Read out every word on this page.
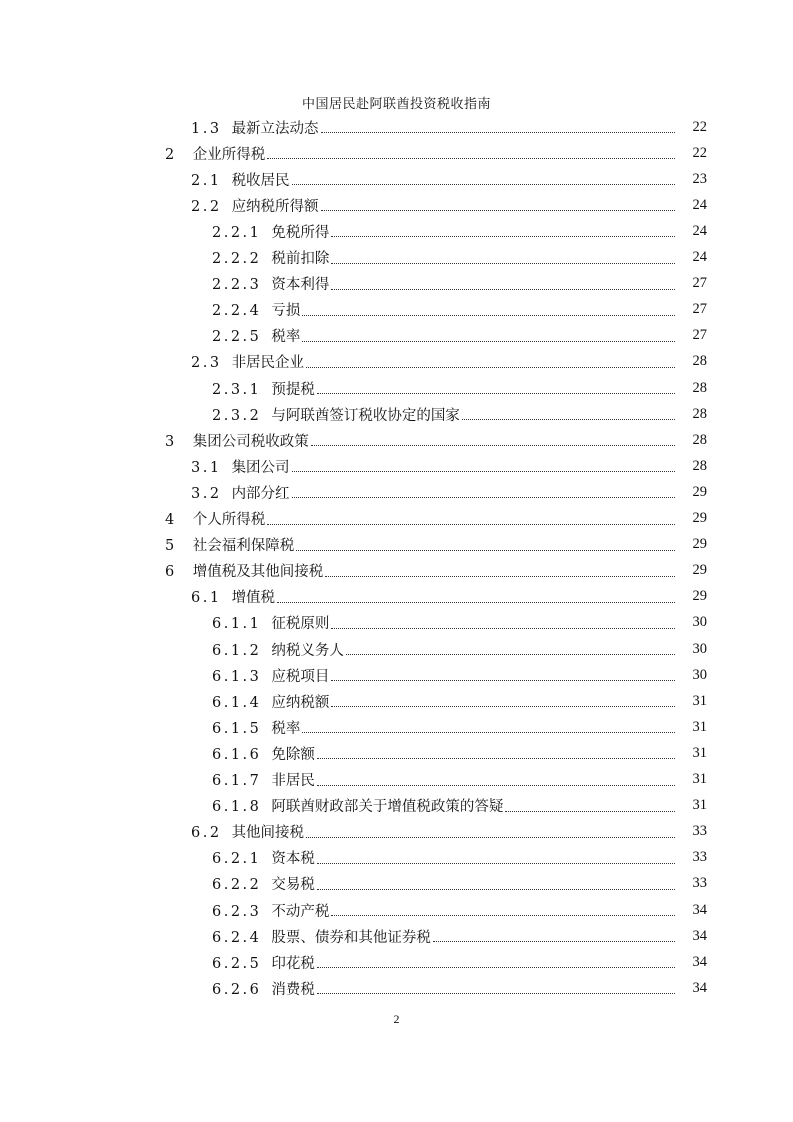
中国居民赴阿联酋投资税收指南
1.3 最新立法动态	22
2 企业所得税	22
2.1 税收居民	23
2.2 应纳税所得额	24
2.2.1 免税所得	24
2.2.2 税前扣除	24
2.2.3 资本利得	27
2.2.4 亏损	27
2.2.5 税率	27
2.3 非居民企业	28
2.3.1 预提税	28
2.3.2 与阿联酋签订税收协定的国家	28
3 集团公司税收政策	28
3.1 集团公司	28
3.2 内部分红	29
4 个人所得税	29
5 社会福利保障税	29
6 增值税及其他间接税	29
6.1 增值税	29
6.1.1 征税原则	30
6.1.2 纳税义务人	30
6.1.3 应税项目	30
6.1.4 应纳税额	31
6.1.5 税率	31
6.1.6 免除额	31
6.1.7 非居民	31
6.1.8 阿联酋财政部关于增值税政策的答疑	31
6.2 其他间接税	33
6.2.1 资本税	33
6.2.2 交易税	33
6.2.3 不动产税	34
6.2.4 股票、债券和其他证券税	34
6.2.5 印花税	34
6.2.6 消费税	34
2
